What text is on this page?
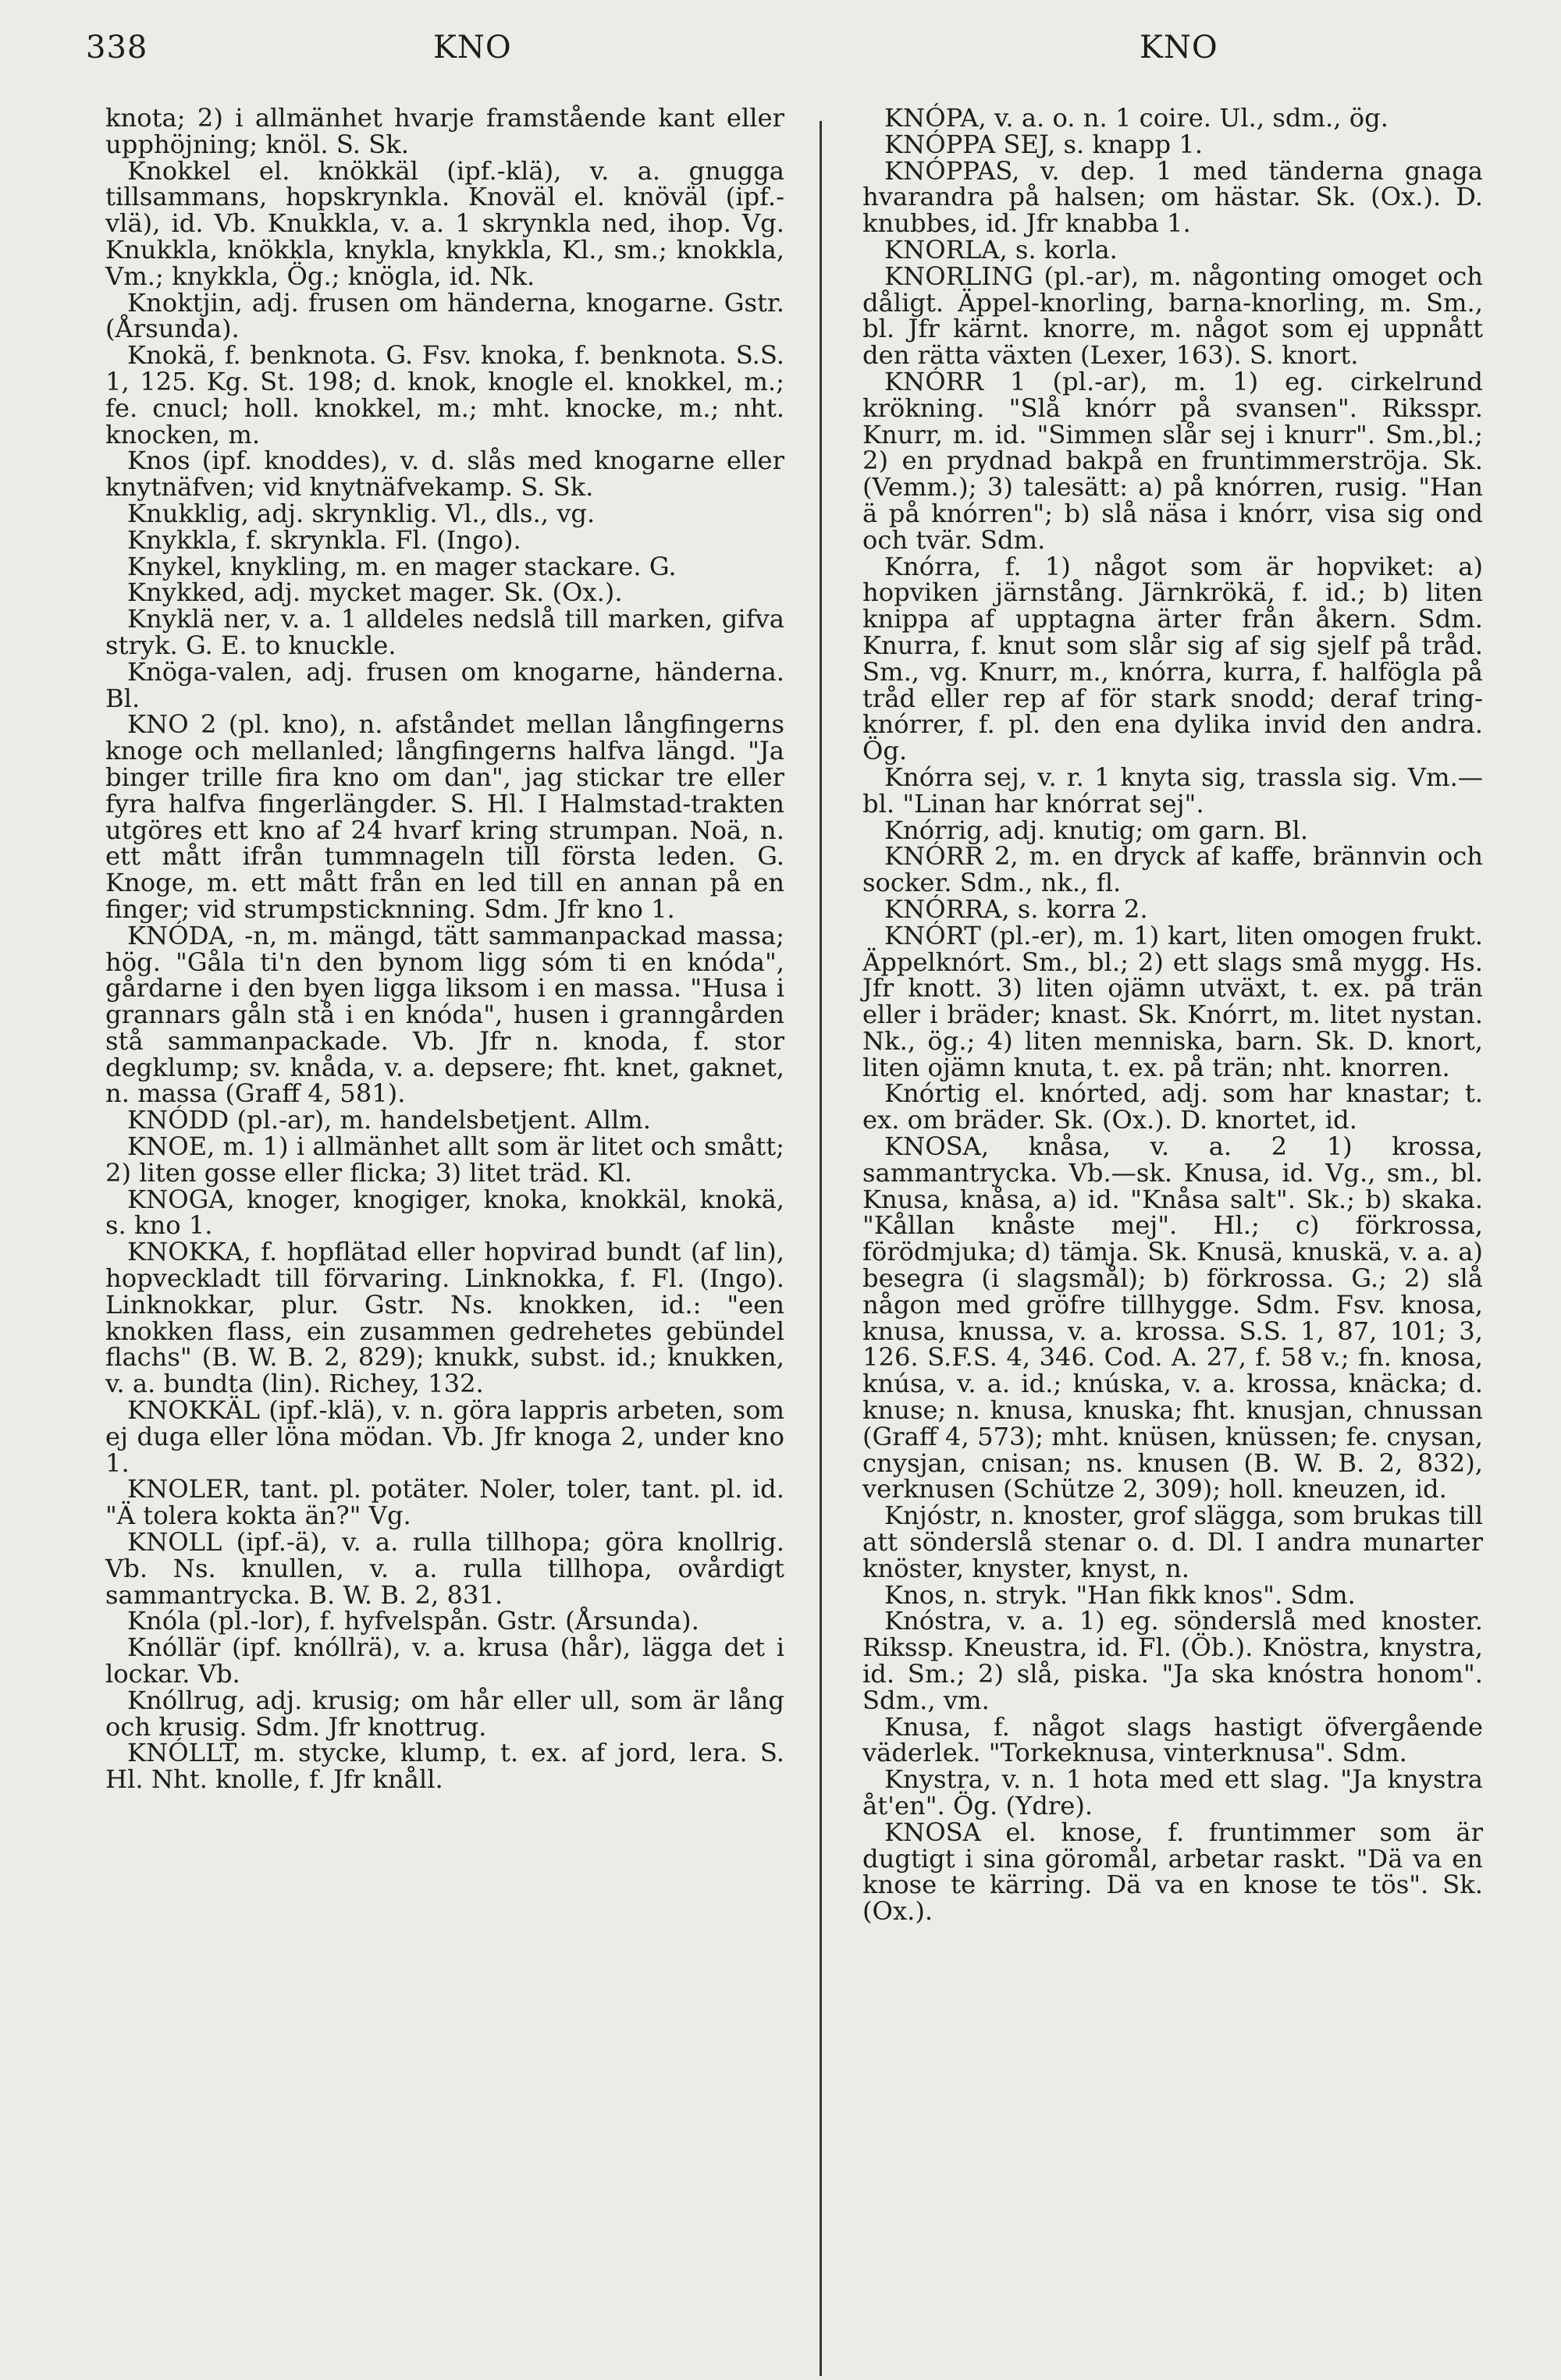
338	KNO	KNO

knota; 2) i allmänhet hvarje framstående kant eller upphöjning; knöl. S. Sk.

Knokkel el. knökkäl (ipf.-klä), v. a. gnugga tillsammans, hopskrynkla. Knoväl el. knöväl (ipf.-vlä), id. Vb. Knukkla, v. a. 1 skrynkla ned, ihop. Vg. Knukkla, knökkla, knykla, knykkla, Kl., sm.; knokkla, Vm.; knykkla, Ög.; knögla, id. Nk.

Knoktjin, adj. frusen om händerna, knogarne. Gstr. (Årsunda).

Knokä, f. benknota. G. Fsv. knoka, f. benknota. S.S. 1, 125. Kg. St. 198; d. knok, knogle el. knokkel, m.; fe. cnucl; holl. knokkel, m.; mht. knocke, m.; nht. knocken, m.

Knos (ipf. knoddes), v. d. slås med knogarne eller knytnäfven; vid knytnäfvekamp. S. Sk.

Knukklig, adj. skrynklig. Vl., dls., vg.

Knykkla, f. skrynkla. Fl. (Ingo).

Knykel, knykling, m. en mager stackare. G.

Knykked, adj. mycket mager. Sk. (Ox.).

Knyklä ner, v. a. 1 alldeles nedslå till marken, gifva stryk. G. E. to knuckle.

Knöga-valen, adj. frusen om knogarne, händerna. Bl.

KNO 2 (pl. kno), n. afståndet mellan långfingerns knoge och mellanled; långfingerns halfva längd. "Ja binger trille fira kno om dan", jag stickar tre eller fyra halfva fingerlängder. S. Hl. I Halmstad-trakten utgöres ett kno af 24 hvarf kring strumpan. Noä, n. ett mått ifrån tummnageln till första leden. G. Knoge, m. ett mått från en led till en annan på en finger; vid strumpsticknning. Sdm. Jfr kno 1.

KNÓDA, -n, m. mängd, tätt sammanpackad massa; hög. "Gåla ti'n den bynom ligg sóm ti en knóda", gårdarne i den byen ligga liksom i en massa. "Husa i grannars gåln stå i en knóda", husen i granngården stå sammanpackade. Vb. Jfr n. knoda, f. stor degklump; sv. knåda, v. a. depsere; fht. knet, gaknet, n. massa (Graff 4, 581).

KNÓDD (pl.-ar), m. handelsbetjent. Allm.

KNOE, m. 1) i allmänhet allt som är litet och smått; 2) liten gosse eller flicka; 3) litet träd. Kl.

KNOGA, knoger, knogiger, knoka, knokkäl, knokä, s. kno 1.

KNOKKA, f. hopflätad eller hopvirad bundt (af lin), hopveckladt till förvaring. Linknokka, f. Fl. (Ingo). Linknokkar, plur. Gstr. Ns. knokken, id.: "een knokken flass, ein zusammen gedrehetes gebündel flachs" (B. W. B. 2, 829); knukk, subst. id.; knukken, v. a. bundta (lin). Richey, 132.

KNOKKÄL (ipf.-klä), v. n. göra lappris arbeten, som ej duga eller löna mödan. Vb. Jfr knoga 2, under kno 1.

KNOLER, tant. pl. potäter. Noler, toler, tant. pl. id. "Ä tolera kokta än?" Vg.

KNOLL (ipf.-ä), v. a. rulla tillhopa; göra knollrig. Vb. Ns. knullen, v. a. rulla tillhopa, ovårdigt sammantrycka. B. W. B. 2, 831.

Knóla (pl.-lor), f. hyfvelspån. Gstr. (Årsunda).

Knóllär (ipf. knóllrä), v. a. krusa (hår), lägga det i lockar. Vb.

Knóllrug, adj. krusig; om hår eller ull, som är lång och krusig. Sdm. Jfr knottrug.

KNÓLLT, m. stycke, klump, t. ex. af jord, lera. S. Hl. Nht. knolle, f. Jfr knåll.

KNÓPA, v. a. o. n. 1 coire. Ul., sdm., ög.

KNÓPPA SEJ, s. knapp 1.

KNÓPPAS, v. dep. 1 med tänderna gnaga hvarandra på halsen; om hästar. Sk. (Ox.). D. knubbes, id. Jfr knabba 1.

KNORLA, s. korla.

KNORLING (pl.-ar), m. någonting omoget och dåligt. Äppel-knorling, barna-knorling, m. Sm., bl. Jfr kärnt. knorre, m. något som ej uppnått den rätta växten (Lexer, 163). S. knort.

KNÓRR 1 (pl.-ar), m. 1) eg. cirkelrund krökning. "Slå knórr på svansen". Riksspr. Knurr, m. id. "Simmen slår sej i knurr". Sm.,bl.; 2) en prydnad bakpå en fruntimmerströja. Sk. (Vemm.); 3) talesätt: a) på knórren, rusig. "Han ä på knórren"; b) slå näsa i knórr, visa sig ond och tvär. Sdm.

Knórra, f. 1) något som är hopviket: a) hopviken järnstång. Järnkrökä, f. id.; b) liten knippa af upptagna ärter från åkern. Sdm. Knurra, f. knut som slår sig af sig sjelf på tråd. Sm., vg. Knurr, m., knórra, kurra, f. halfögla på tråd eller rep af för stark snodd; deraf tring-knórrer, f. pl. den ena dylika invid den andra. Ög.

Knórra sej, v. r. 1 knyta sig, trassla sig. Vm.—bl. "Linan har knórrat sej".

Knórrig, adj. knutig; om garn. Bl.

KNÓRR 2, m. en dryck af kaffe, brännvin och socker. Sdm., nk., fl.

KNÓRRA, s. korra 2.

KNÓRT (pl.-er), m. 1) kart, liten omogen frukt. Äppelknórt. Sm., bl.; 2) ett slags små mygg. Hs. Jfr knott. 3) liten ojämn utväxt, t. ex. på trän eller i bräder; knast. Sk. Knórrt, m. litet nystan. Nk., ög.; 4) liten menniska, barn. Sk. D. knort, liten ojämn knuta, t. ex. på trän; nht. knorren.

Knórtig el. knórted, adj. som har knastar; t. ex. om bräder. Sk. (Ox.). D. knortet, id.

KNOSA, knåsa, v. a. 2 1) krossa, sammantrycka. Vb.—sk. Knusa, id. Vg., sm., bl. Knusa, knåsa, a) id. "Knåsa salt". Sk.; b) skaka. "Kållan knåste mej". Hl.; c) förkrossa, förödmjuka; d) tämja. Sk. Knusä, knuskä, v. a. a) besegra (i slagsmål); b) förkrossa. G.; 2) slå någon med gröfre tillhygge. Sdm. Fsv. knosa, knusa, knussa, v. a. krossa. S.S. 1, 87, 101; 3, 126. S.F.S. 4, 346. Cod. A. 27, f. 58 v.; fn. knosa, knúsa, v. a. id.; knúska, v. a. krossa, knäcka; d. knuse; n. knusa, knuska; fht. knusjan, chnussan (Graff 4, 573); mht. knüsen, knüssen; fe. cnysan, cnysjan, cnisan; ns. knusen (B. W. B. 2, 832), verknusen (Schütze 2, 309); holl. kneuzen, id.

Knjóstr, n. knoster, grof slägga, som brukas till att sönderslå stenar o. d. Dl. I andra munarter knöster, knyster, knyst, n.

Knos, n. stryk. "Han fikk knos". Sdm.

Knóstra, v. a. 1) eg. sönderslå med knoster. Rikssp. Kneustra, id. Fl. (Öb.). Knöstra, knystra, id. Sm.; 2) slå, piska. "Ja ska knóstra honom". Sdm., vm.

Knusa, f. något slags hastigt öfvergående väderlek. "Torkeknusa, vinterknusa". Sdm.

Knystra, v. n. 1 hota med ett slag. "Ja knystra åt'en". Ög. (Ydre).

KNOSA el. knose, f. fruntimmer som är dugtigt i sina göromål, arbetar raskt. "Dä va en knose te kärring. Dä va en knose te tös". Sk. (Ox.).
